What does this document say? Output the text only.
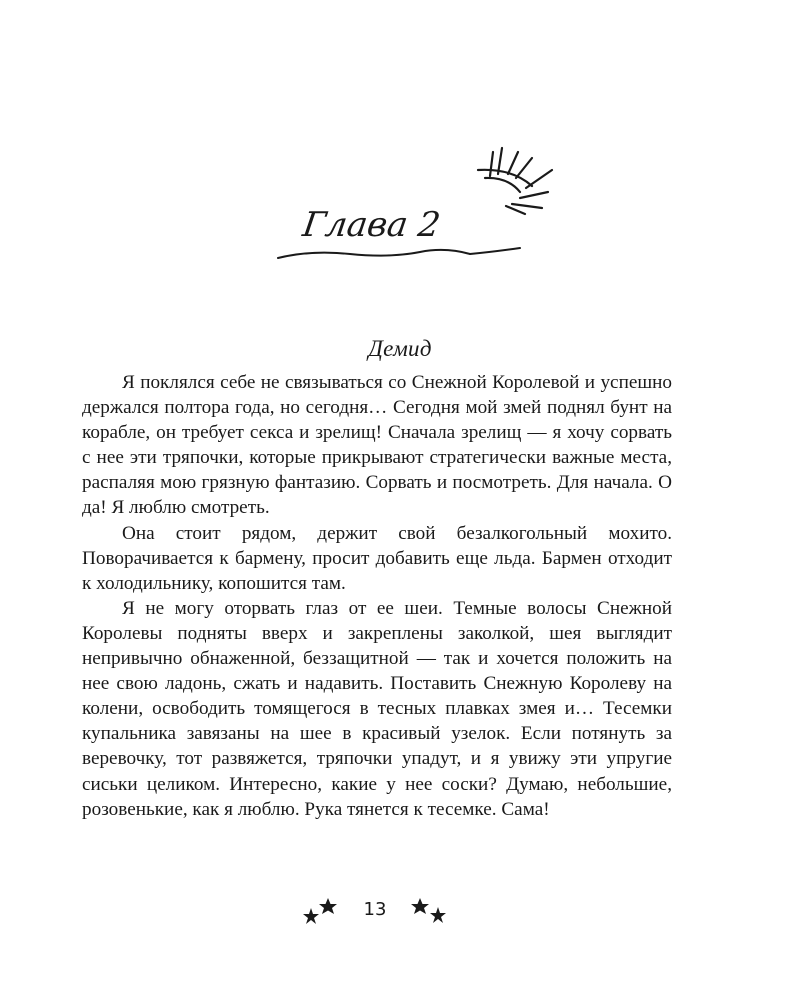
Глава 2
Демид

Я поклялся себе не связываться со Снежной Королевой и успешно держался полтора года, но сегодня… Сегодня мой змей поднял бунт на корабле, он требует секса и зрелищ! Сначала зрелищ — я хочу сорвать с нее эти тряпочки, которые прикрывают стратегически важные места, распаляя мою грязную фантазию. Сорвать и посмотреть. Для начала. О да! Я люблю смотреть.

Она стоит рядом, держит свой безалкогольный мохито. Поворачивается к бармену, просит добавить еще льда. Бармен отходит к холодильнику, копошится там.

Я не могу оторвать глаз от ее шеи. Темные волосы Снежной Королевы подняты вверх и закреплены заколкой, шея выглядит непривычно обнаженной, беззащитной — так и хочется положить на нее свою ладонь, сжать и надавить. Поставить Снежную Королеву на колени, освободить томящегося в тесных плавках змея и… Тесемки купальника завязаны на шее в красивый узелок. Если потянуть за веревочку, тот развяжется, тряпочки упадут, и я увижу эти упругие сиськи целиком. Интересно, какие у нее соски? Думаю, небольшие, розовенькие, как я люблю. Рука тянется к тесемке. Сама!

13
